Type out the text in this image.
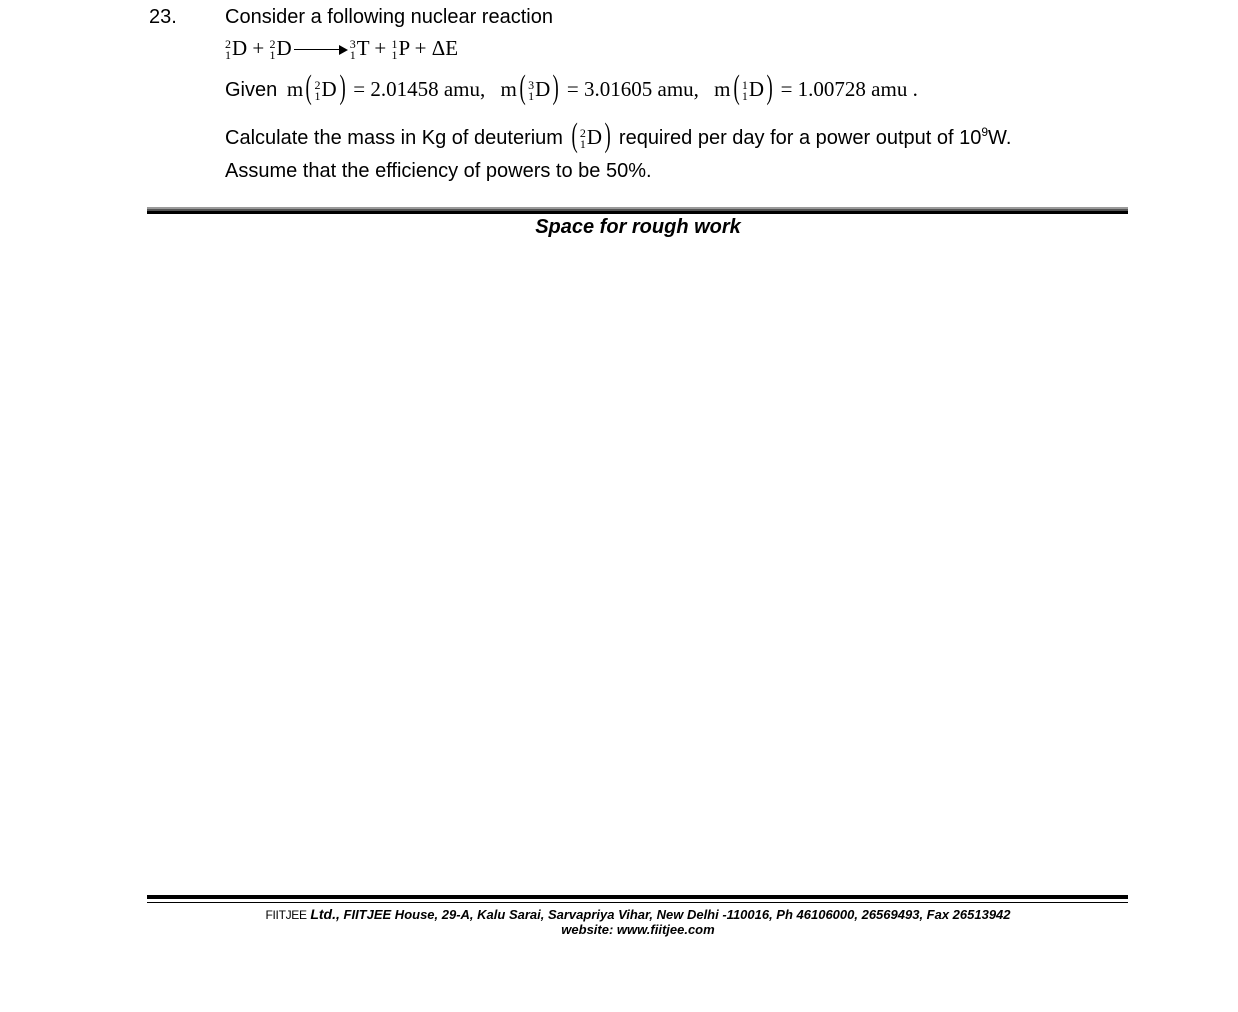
23. Consider a following nuclear reaction
2
1 D + 2
1 D	3
1 T + 1
1 P + ΔE
Given m( 2
1 D) = 2.01458 amu, m( 3
1 D) = 3.01605 amu, m( 1
1 D) = 1.00728 amu .
Calculate the mass in Kg of deuterium ( 2
1 D) required per day for a power output of $10^9W$.
Assume that the efficiency of powers to be 50%.
Space for rough work
FIITJEE Ltd., FIITJEE House, 29-A, Kalu Sarai, Sarvapriya Vihar, New Delhi -110016, Ph 46106000, 26569493, Fax 26513942
website: www.fiitjee.com
